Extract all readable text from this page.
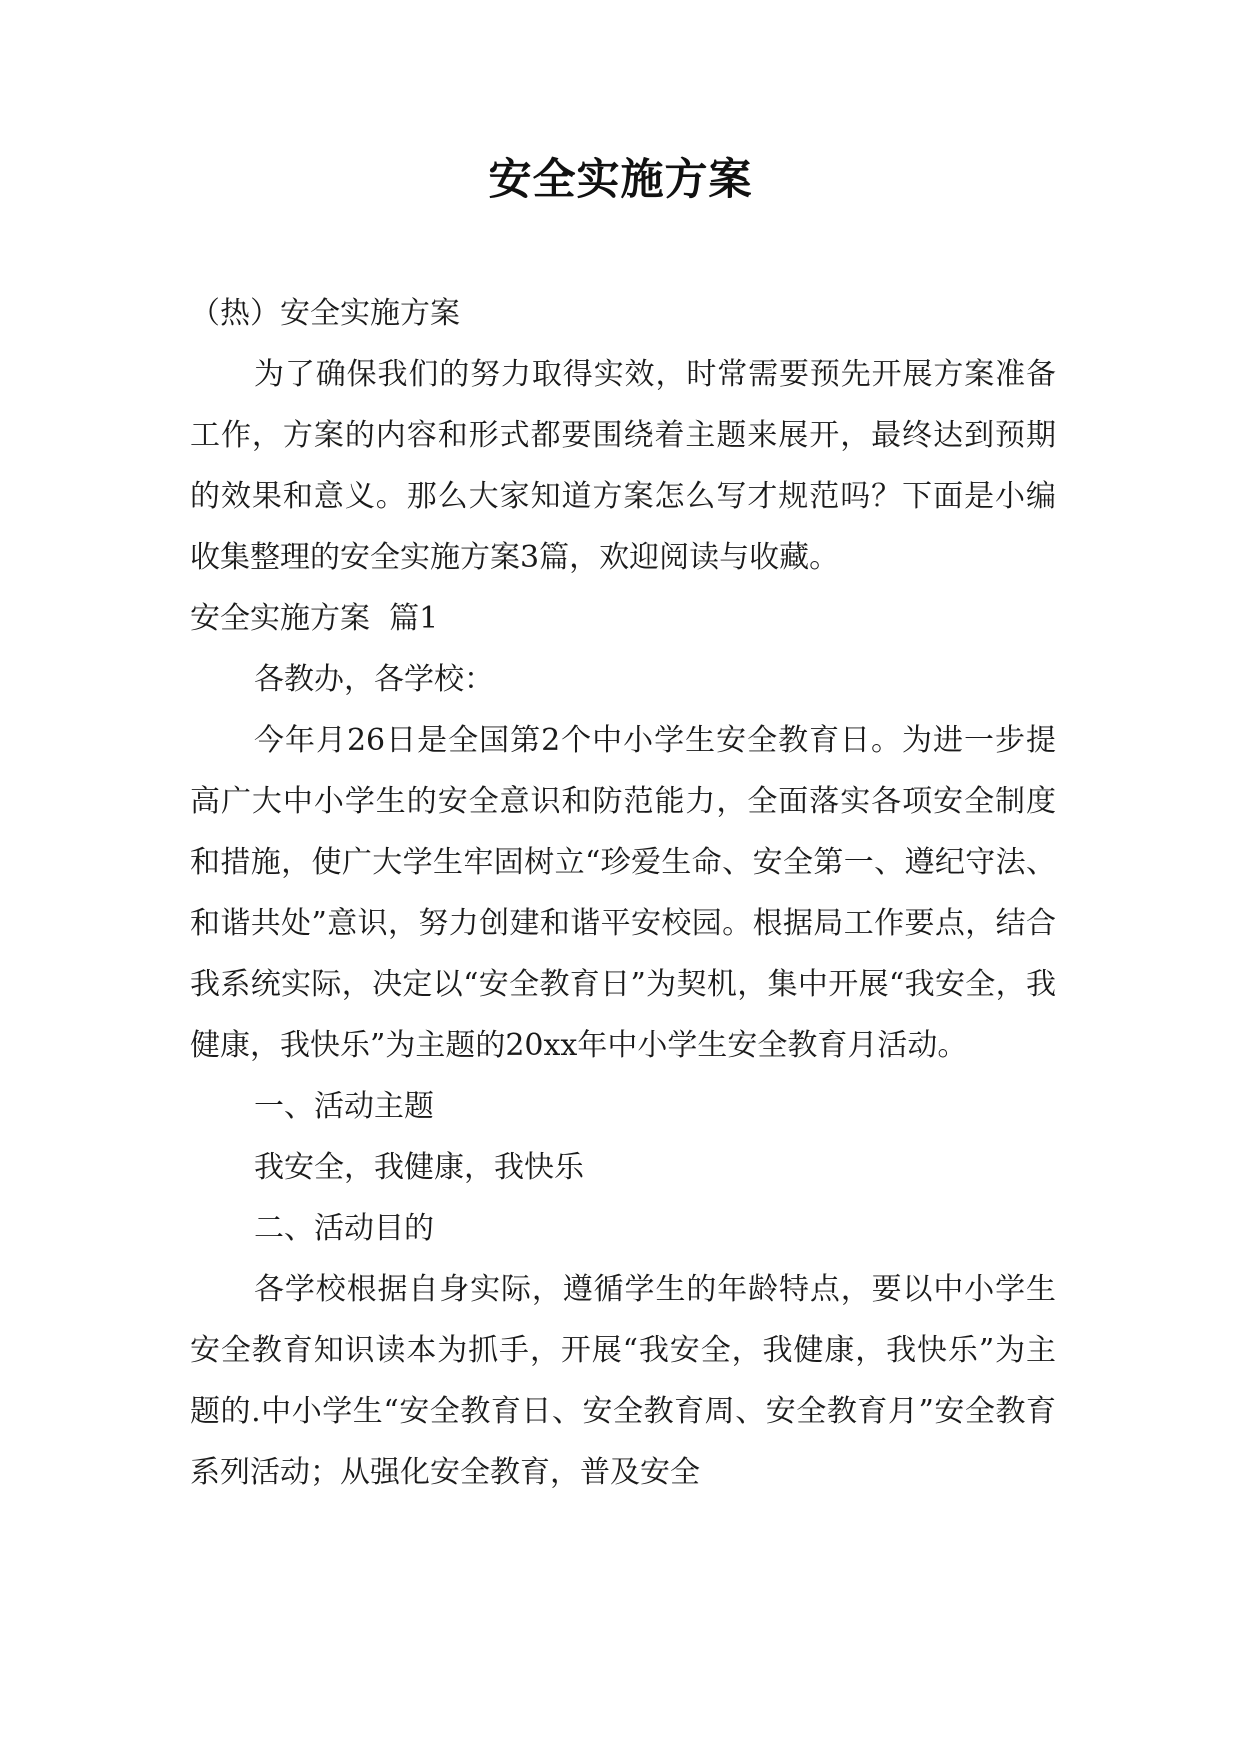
安全实施方案

（热）安全实施方案

为了确保我们的努力取得实效，时常需要预先开展方案准备工作，方案的内容和形式都要围绕着主题来展开，最终达到预期的效果和意义。那么大家知道方案怎么写才规范吗？下面是小编收集整理的安全实施方案3篇，欢迎阅读与收藏。

安全实施方案  篇1

各教办，各学校：

今年月26日是全国第2个中小学生安全教育日。为进一步提高广大中小学生的安全意识和防范能力，全面落实各项安全制度和措施，使广大学生牢固树立“珍爱生命、安全第一、遵纪守法、和谐共处”意识，努力创建和谐平安校园。根据局工作要点，结合我系统实际，决定以“安全教育日”为契机，集中开展“我安全，我健康，我快乐”为主题的20xx年中小学生安全教育月活动。

一、活动主题

我安全，我健康，我快乐

二、活动目的

各学校根据自身实际，遵循学生的年龄特点，要以中小学生安全教育知识读本为抓手，开展“我安全，我健康，我快乐”为主题的.中小学生“安全教育日、安全教育周、安全教育月”安全教育系列活动；从强化安全教育，普及安全
